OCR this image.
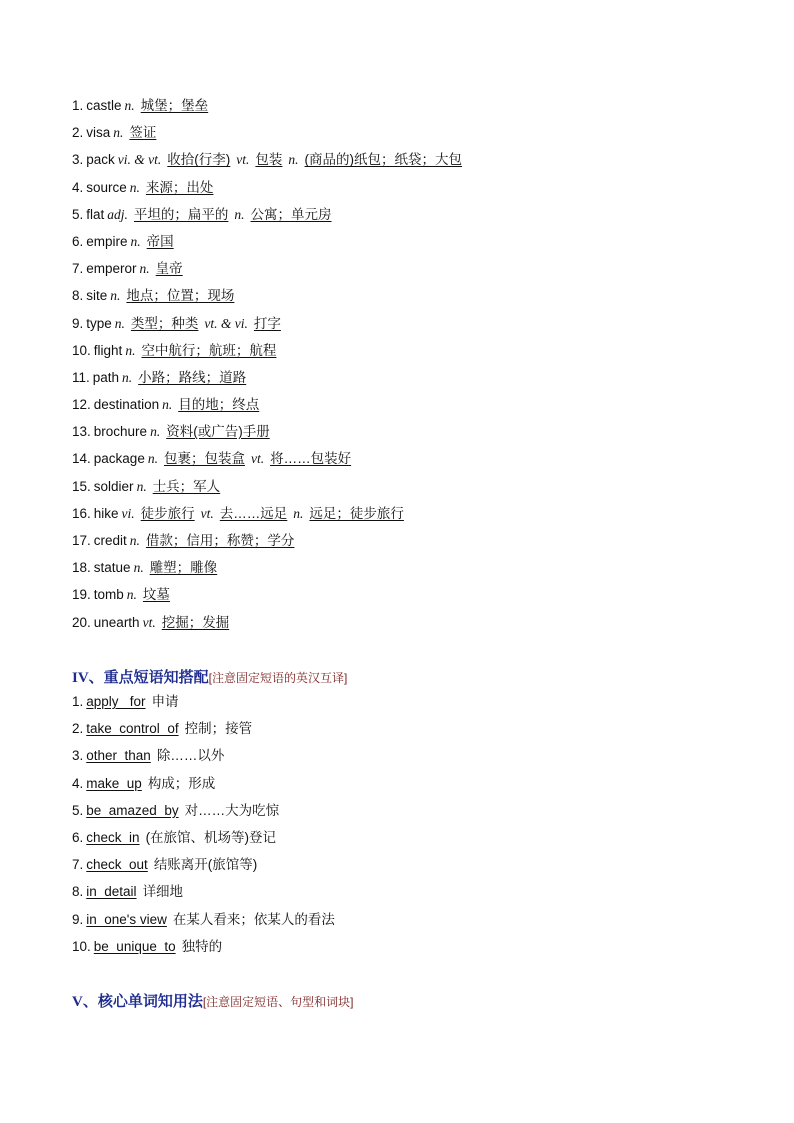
1. castle n. 城堡；堡垒
2. visa n. 签证
3. pack vi. & vt. 收拾(行李) vt. 包装 n. (商品的)纸包；纸袋；大包
4. source n. 来源；出处
5. flat adj. 平坦的；扁平的 n. 公寓；单元房
6. empire n. 帝国
7. emperor n. 皇帝
8. site n. 地点；位置；现场
9. type n. 类型；种类 vt. & vi. 打字
10. flight n. 空中航行；航班；航程
11. path n. 小路；路线；道路
12. destination n. 目的地；终点
13. brochure n. 资料(或广告)手册
14. package n. 包裹；包装盒 vt. 将……包装好
15. soldier n. 士兵；军人
16. hike vi. 徒步旅行 vt. 去……远足 n. 远足；徒步旅行
17. credit n. 借款；信用；称赞；学分
18. statue n. 雕塑；雕像
19. tomb n. 坟墓
20. unearth vt. 挖掘；发掘
IV、重点短语知搭配[注意固定短语的英汉互译]
1. apply_ for 申请
2. take_control_of 控制；接管
3. other_than 除……以外
4. make_up 构成；形成
5. be_amazed_by 对……大为吃惊
6. check_in (在旅馆、机场等)登记
7. check_out 结账离开(旅馆等)
8. in_detail 详细地
9. in_one's view 在某人看来；依某人的看法
10. be_unique_to 独特的
V、核心单词知用法[注意固定短语、句型和词块]
